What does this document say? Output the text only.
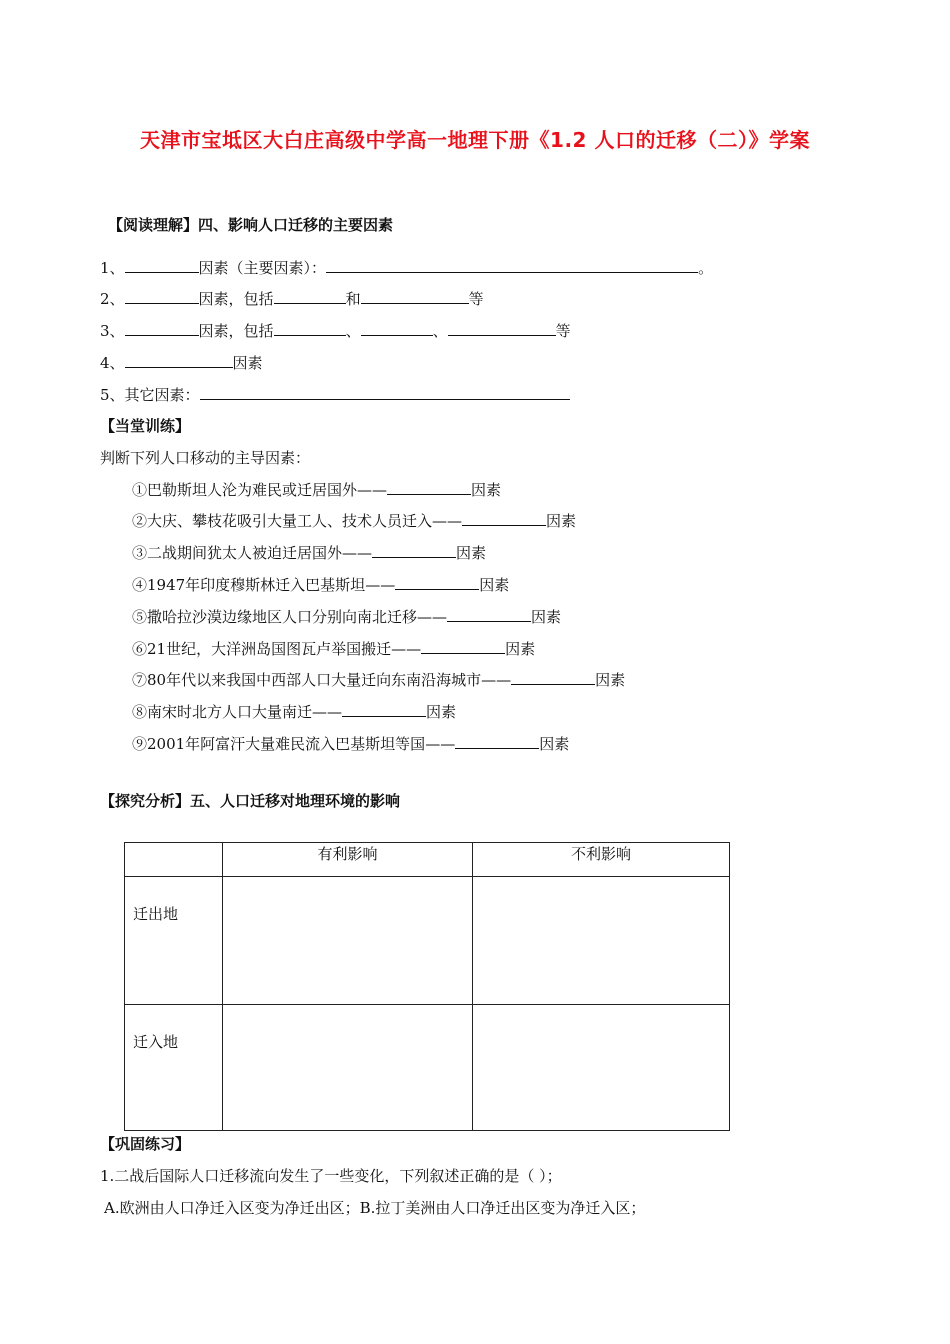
天津市宝坻区大白庄高级中学高一地理下册《1.2 人口的迁移（二）》学案
【阅读理解】四、影响人口迁移的主要因素
1、	因素（主要因素）：	。
2、	因素，包括	和	等
3、	因素，包括	、	、	等
4、	因素
5、其它因素：
【当堂训练】
判断下列人口移动的主导因素：
①巴勒斯坦人沦为难民或迁居国外——	因素
②大庆、攀枝花吸引大量工人、技术人员迁入——	因素
③二战期间犹太人被迫迁居国外——	因素
④1947年印度穆斯林迁入巴基斯坦——	因素
⑤撒哈拉沙漠边缘地区人口分别向南北迁移——	因素
⑥21世纪，大洋洲岛国图瓦卢举国搬迁——	因素
⑦80年代以来我国中西部人口大量迁向东南沿海城市——	因素
⑧南宋时北方人口大量南迁——	因素
⑨2001年阿富汗大量难民流入巴基斯坦等国——	因素
【探究分析】五、人口迁移对地理环境的影响
	有利影响	不利影响
迁出地		
迁入地		
【巩固练习】
1.二战后国际人口迁移流向发生了一些变化，下列叙述正确的是（ ）；
A.欧洲由人口净迁入区变为净迁出区；B.拉丁美洲由人口净迁出区变为净迁入区；
